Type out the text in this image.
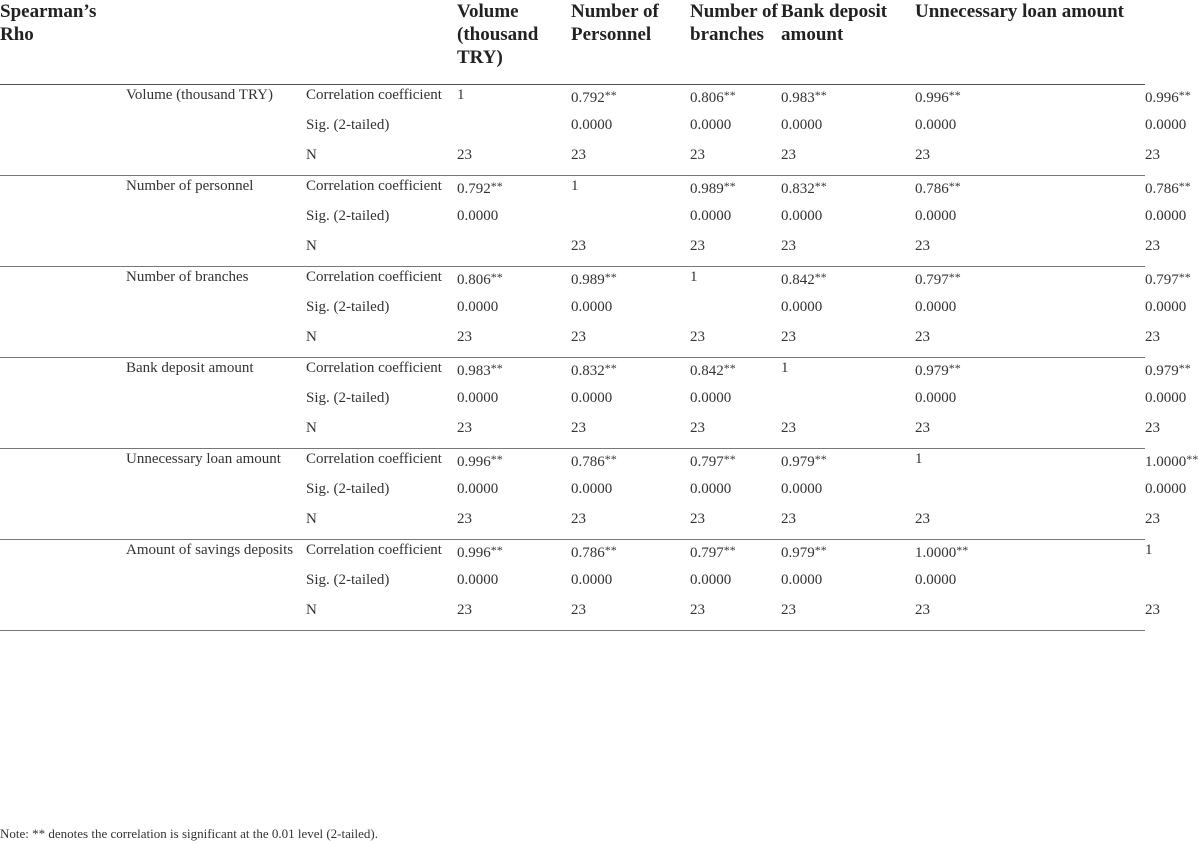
Spearman’s Rho			Volume (thousand TRY)	Number of Personnel	Number of branches	Bank deposit amount	Unnecessary loan amount	
	Volume (thousand TRY)	Correlation coefficient	1	0.792**	0.806**	0.983**	0.996**	0.996**
		Sig. (2-tailed)		0.0000	0.0000	0.0000	0.0000	0.0000
		N	23	23	23	23	23	23
	Number of personnel	Correlation coefficient	0.792**	1	0.989**	0.832**	0.786**	0.786**
		Sig. (2-tailed)	0.0000		0.0000	0.0000	0.0000	0.0000
		N		23	23	23	23	23
	Number of branches	Correlation coefficient	0.806**	0.989**	1	0.842**	0.797**	0.797**
		Sig. (2-tailed)	0.0000	0.0000		0.0000	0.0000	0.0000
		N	23	23	23	23	23	23
	Bank deposit amount	Correlation coefficient	0.983**	0.832**	0.842**	1	0.979**	0.979**
		Sig. (2-tailed)	0.0000	0.0000	0.0000		0.0000	0.0000
		N	23	23	23	23	23	23
	Unnecessary loan amount	Correlation coefficient	0.996**	0.786**	0.797**	0.979**	1	1.0000**
		Sig. (2-tailed)	0.0000	0.0000	0.0000	0.0000		0.0000
		N	23	23	23	23	23	23
	Amount of savings deposits	Correlation coefficient	0.996**	0.786**	0.797**	0.979**	1.0000**	1
		Sig. (2-tailed)	0.0000	0.0000	0.0000	0.0000	0.0000	
		N	23	23	23	23	23	23
Note: ** denotes the correlation is significant at the 0.01 level (2-tailed).
